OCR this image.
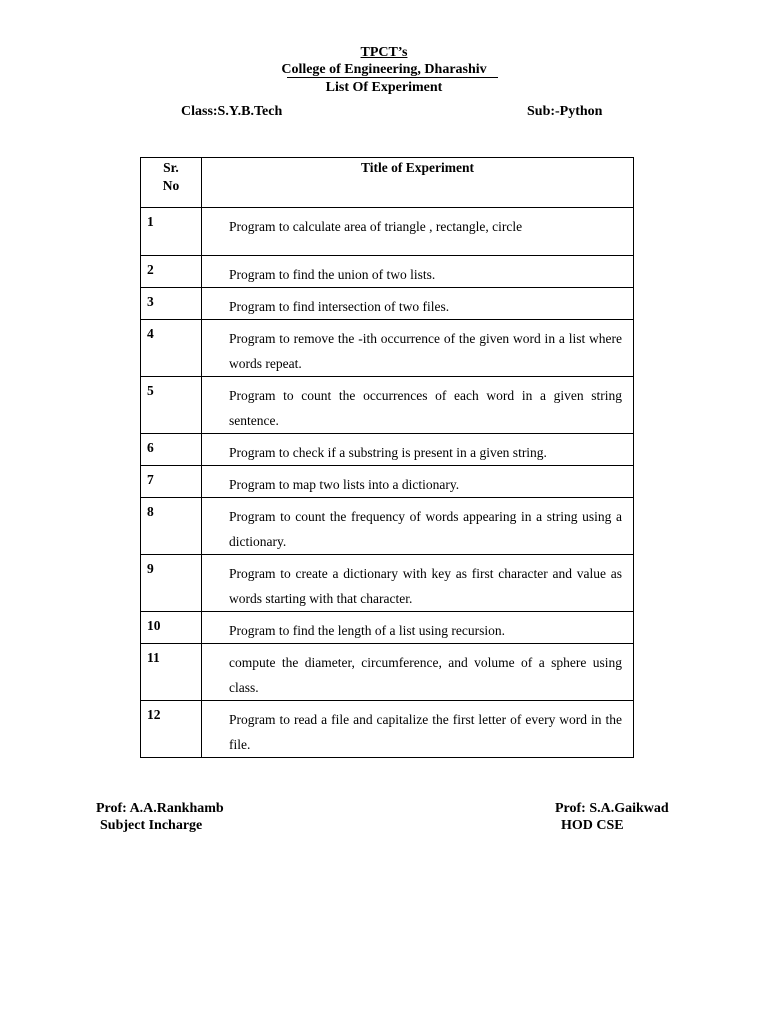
TPCT’s
College of Engineering, Dharashiv
List Of Experiment
Class:S.Y.B.Tech	Sub:-Python
Sr.
No	Title of Experiment
1	Program to calculate area of triangle , rectangle, circle
2	Program to find the union of two lists.
3	Program to find intersection of two files.
4	Program to remove the -ith occurrence of the given word in a list where words repeat.
5	Program to count the occurrences of each word in a given string sentence.
6	Program to check if a substring is present in a given string.
7	Program to map two lists into a dictionary.
8	Program to count the frequency of words appearing in a string using a dictionary.
9	Program to create a dictionary with key as first character and value as words starting with that character.
10	Program to find the length of a list using recursion.
11	compute the diameter, circumference, and volume of a sphere using class.
12	Program to read a file and capitalize the first letter of every word in the file.
Prof: A.A.Rankhamb
Subject Incharge
Prof: S.A.Gaikwad
HOD CSE
